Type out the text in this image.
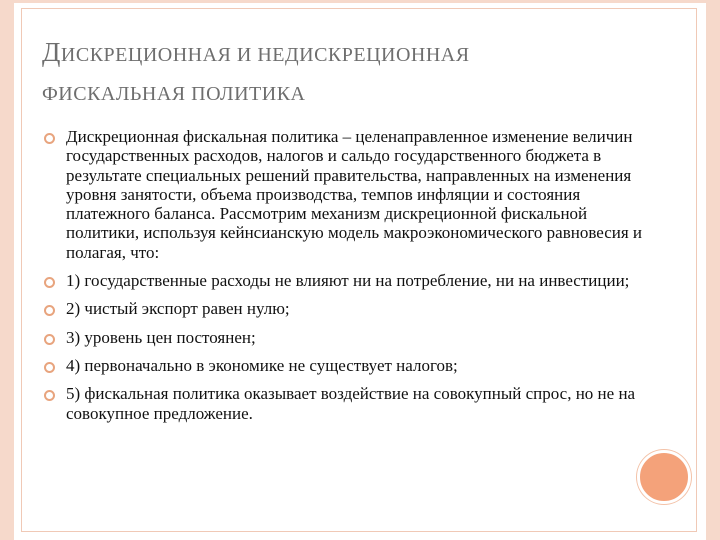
ДИСКРЕЦИОННАЯ И НЕДИСКРЕЦИОННАЯ
ФИСКАЛЬНАЯ ПОЛИТИКА
Дискреционная фискальная политика – целенаправленное изменение величин государственных расходов, налогов и сальдо государственного бюджета в результате специальных решений правительства, направленных на изменения уровня занятости, объема производства, темпов инфляции и состояния платежного баланса. Рассмотрим механизм дискреционной фискальной политики, используя кейнсианскую модель макроэкономического равновесия и полагая, что:
1) государственные расходы не влияют ни на потребление, ни на инвестиции;
2) чистый экспорт равен нулю;
3) уровень цен постоянен;
4) первоначально в экономике не существует налогов;
5) фискальная политика оказывает воздействие на совокупный спрос, но не на совокупное предложение.
